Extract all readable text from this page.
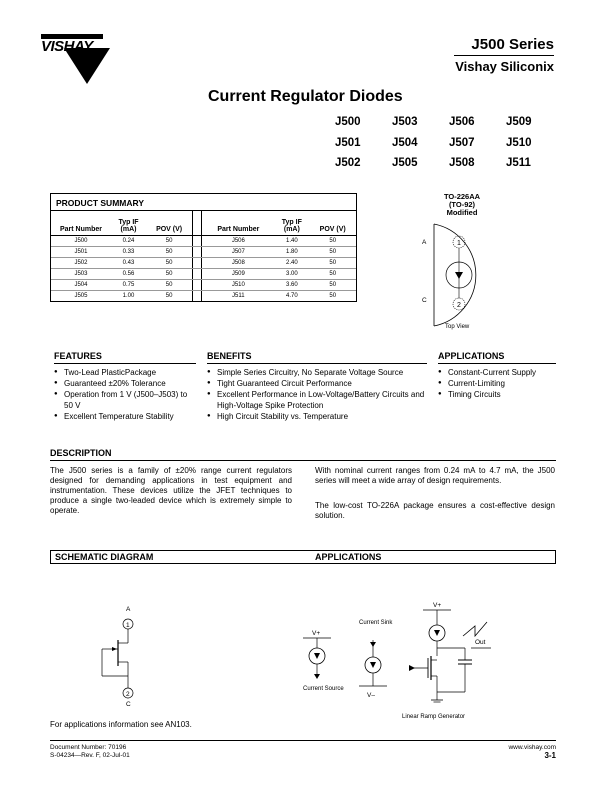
VISHAY	J500 Series
Vishay Siliconix
Current Regulator Diodes
J500	J503	J506	J509
J501	J504	J507	J510
J502	J505	J508	J511
PRODUCT SUMMARY
Part Number	Typ IF (mA)	POV (V)		Part Number	Typ IF (mA)	POV (V)
J500	0.24	50		J506	1.40	50
J501	0.33	50		J507	1.80	50
J502	0.43	50		J508	2.40	50
J503	0.56	50		J509	3.00	50
J504	0.75	50		J510	3.60	50
J505	1.00	50		J511	4.70	50
TO-226AA
(TO-92)
Modified
1
2
A
C
Top View
FEATURES
● Two-Lead PlasticPackage
● Guaranteed ±20% Tolerance
● Operation from 1 V (J500–J503) to 50 V
● Excellent Temperature Stability
BENEFITS
● Simple Series Circuitry, No Separate Voltage Source
● Tight Guaranteed Circuit Performance
● Excellent Performance in Low-Voltage/Battery Circuits and High-Voltage Spike Protection
● High Circuit Stability vs. Temperature
APPLICATIONS
● Constant-Current Supply
● Current-Limiting
● Timing Circuits
DESCRIPTION
The J500 series is a family of ±20% range current regulators designed for demanding applications in test equipment and instrumentation. These devices utilize the JFET techniques to produce a single two-leaded device which is extremely simple to operate.
With nominal current ranges from 0.24 mA to 4.7 mA, the J500 series will meet a wide array of design requirements.
The low-cost TO-226A package ensures a cost-effective design solution.
SCHEMATIC DIAGRAM	APPLICATIONS
A
1
2
C
V+
Current Source
Current Sink
V–
V+
Out
Linear Ramp Generator
For applications information see AN103.
Document Number: 70196
S-04234—Rev. F, 02-Jul-01
www.vishay.com
3-1
